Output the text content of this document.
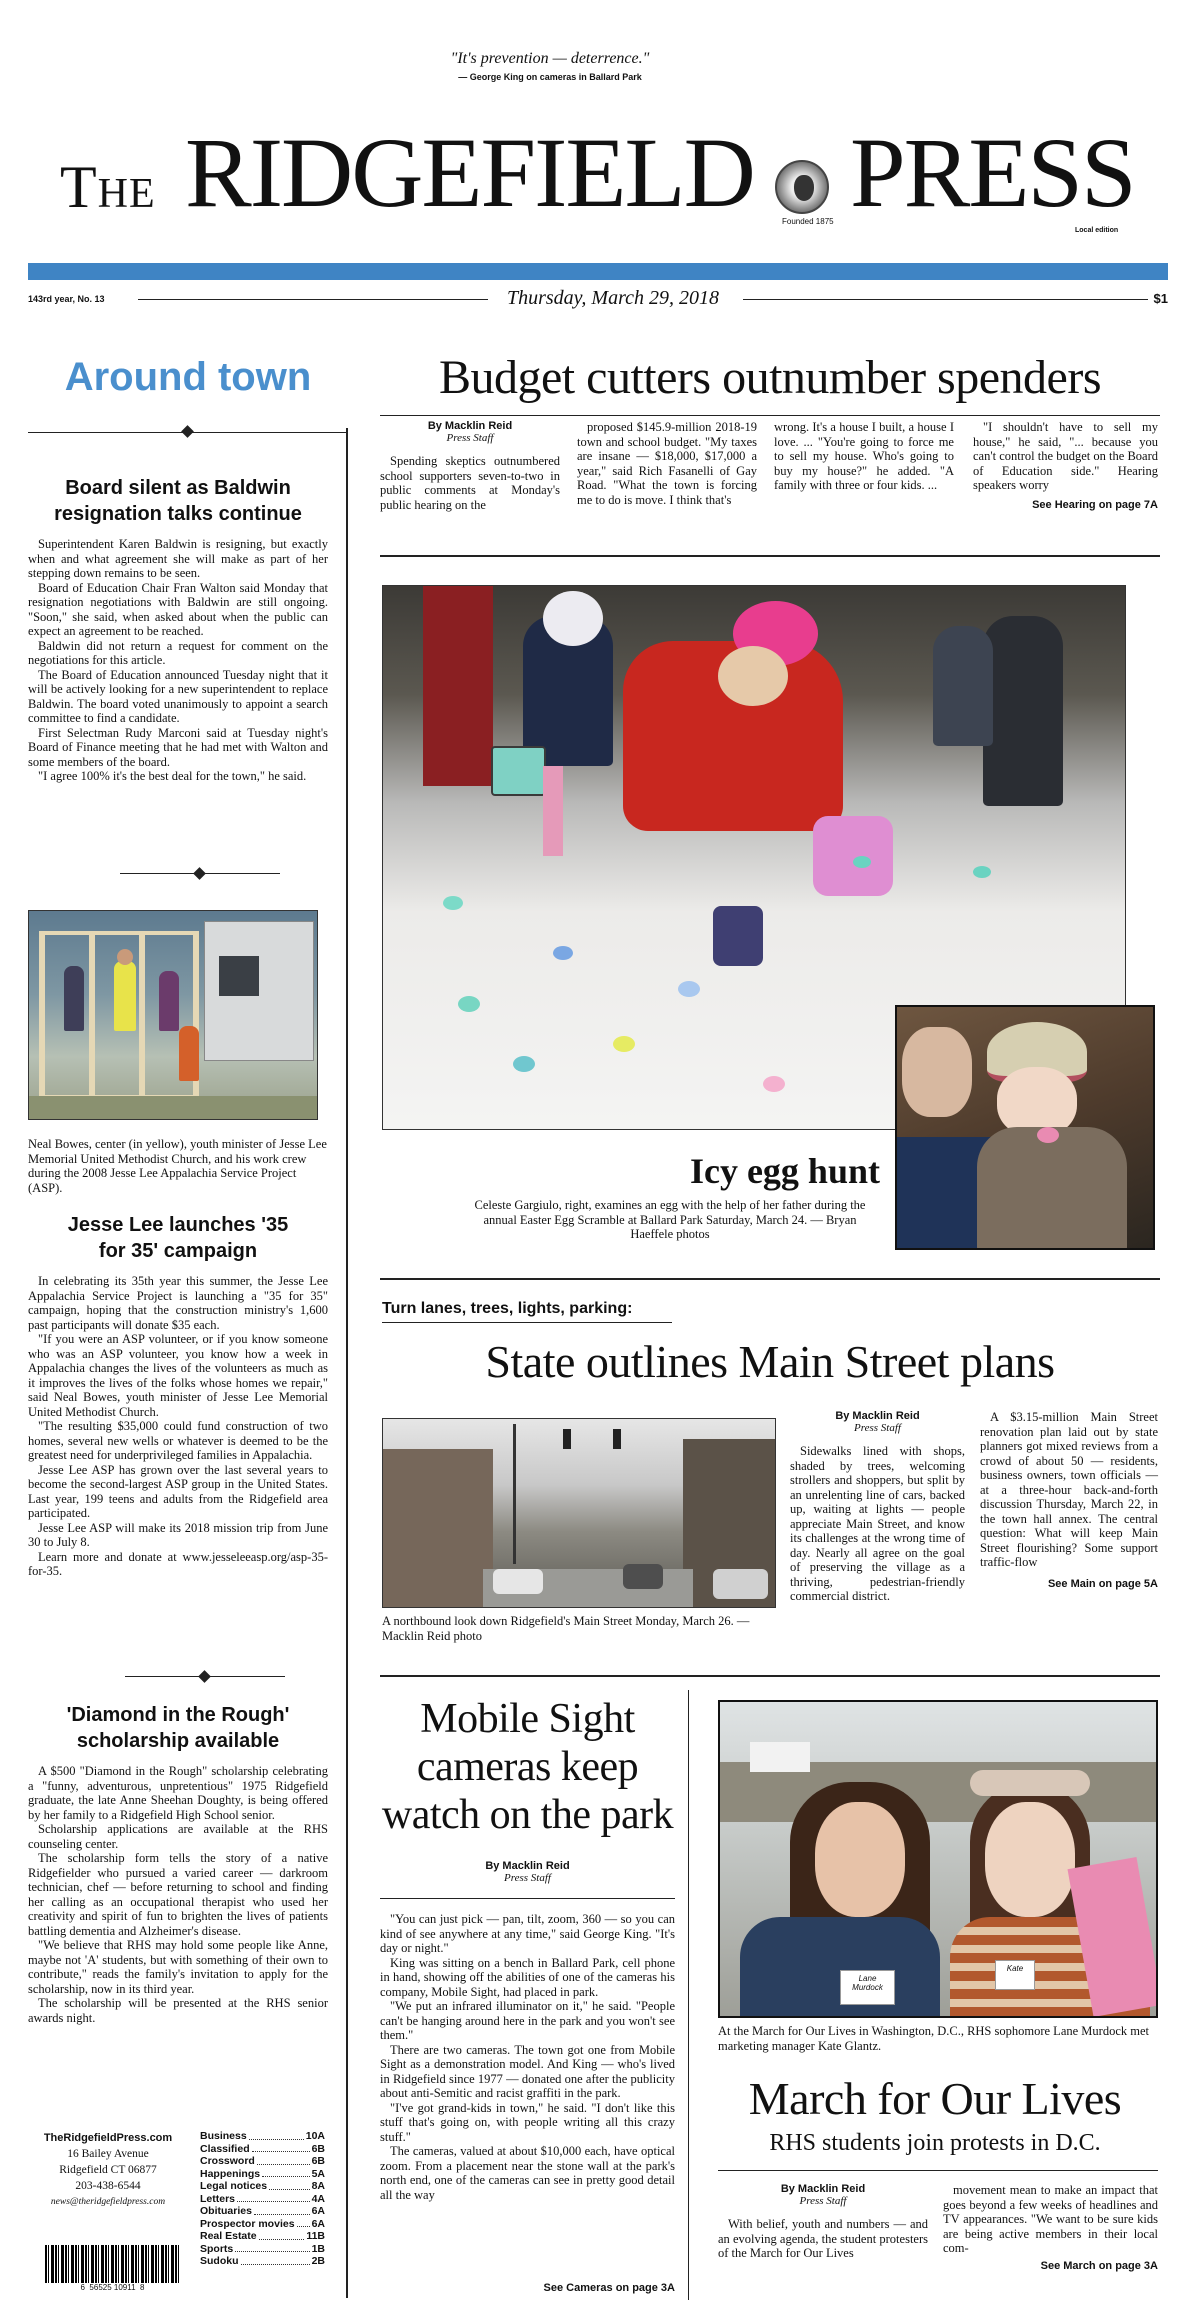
"It's prevention — deterrence."
— George King on cameras in Ballard Park
The RIDGEFIELD	Founded 1875 PRESS
Local edition
143rd year, No. 13	Thursday, March 29, 2018	$1
Around town
Board silent as Baldwin resignation talks continue

Superintendent Karen Baldwin is resigning, but exactly when and what agreement she will make as part of her stepping down remains to be seen.

Board of Education Chair Fran Walton said Monday that resignation negotiations with Baldwin are still ongoing. "Soon," she said, when asked about when the public can expect an agreement to be reached.

Baldwin did not return a request for comment on the negotiations for this article.

The Board of Education announced Tuesday night that it will be actively looking for a new superintendent to replace Baldwin. The board voted unanimously to appoint a search committee to find a candidate.

First Selectman Rudy Marconi said at Tuesday night's Board of Finance meeting that he had met with Walton and some members of the board.

"I agree 100% it's the best deal for the town," he said.

Neal Bowes, center (in yellow), youth minister of Jesse Lee Memorial United Methodist Church, and his work crew during the 2008 Jesse Lee Appalachia Service Project (ASP).
Jesse Lee launches '35 for 35' campaign

In celebrating its 35th year this summer, the Jesse Lee Appalachia Service Project is launching a "35 for 35" campaign, hoping that the construction ministry's 1,600 past participants will donate $35 each.

"If you were an ASP volunteer, or if you know someone who was an ASP volunteer, you know how a week in Appalachia changes the lives of the volunteers as much as it improves the lives of the folks whose homes we repair," said Neal Bowes, youth minister of Jesse Lee Memorial United Methodist Church.

"The resulting $35,000 could fund construction of two homes, several new wells or whatever is deemed to be the greatest need for underprivileged families in Appalachia.

Jesse Lee ASP has grown over the last several years to become the second-largest ASP group in the United States. Last year, 199 teens and adults from the Ridgefield area participated.

Jesse Lee ASP will make its 2018 mission trip from June 30 to July 8.

Learn more and donate at www.jesseleeasp.org/asp-35-for-35.

'Diamond in the Rough' scholarship available

A $500 "Diamond in the Rough" scholarship celebrating a "funny, adventurous, unpretentious" 1975 Ridgefield graduate, the late Anne Sheehan Doughty, is being offered by her family to a Ridgefield High School senior.

Scholarship applications are available at the RHS counseling center.

The scholarship form tells the story of a native Ridgefielder who pursued a varied career — darkroom technician, chef — before returning to school and finding her calling as an occupational therapist who used her creativity and spirit of fun to brighten the lives of patients battling dementia and Alzheimer's disease.

"We believe that RHS may hold some people like Anne, maybe not 'A' students, but with something of their own to contribute," reads the family's invitation to apply for the scholarship, now in its third year.

The scholarship will be presented at the RHS senior awards night.

TheRidgefieldPress.com
16 Bailey Avenue
Ridgefield CT 06877
203-438-6544
news@theridgefieldpress.com
Business	10A
Classified	6B
Crossword	6B
Happenings	5A
Legal notices	8A
Letters	4A
Obituaries	6A
Prospector movies 6A
Real Estate	11B
Sports	1B
Sudoku	2B
6  56525 10911  8
Budget cutters outnumber spenders
By Macklin Reid
Press Staff
Spending skeptics outnumbered school supporters seven-to-two in public comments at Monday's public hearing on the
proposed $145.9-million 2018-19 town and school budget. "My taxes are insane — $18,000, $17,000 a year," said Rich Fasanelli of Gay Road. "What the town is forcing me to do is move. I think that's
wrong. It's a house I built, a house I love. ... "You're going to force me to sell my house. Who's going to buy my house?" he added. "A family with three or four kids. ...
"I shouldn't have to sell my house," he said, "... because you can't control the budget on the Board of Education side." Hearing speakers worry
See Hearing on page 7A
Icy egg hunt
Celeste Gargiulo, right, examines an egg with the help of her father during the annual Easter Egg Scramble at Ballard Park Saturday, March 24. — Bryan Haeffele photos
Turn lanes, trees, lights, parking:
State outlines Main Street plans
A northbound look down Ridgefield's Main Street Monday, March 26. — Macklin Reid photo
By Macklin Reid
Press Staff
Sidewalks lined with shops, shaded by trees, welcoming strollers and shoppers, but split by an unrelenting line of cars, backed up, waiting at lights — people appreciate Main Street, and know its challenges at the wrong time of day. Nearly all agree on the goal of preserving the village as a thriving, pedestrian-friendly commercial district.
A $3.15-million Main Street renovation plan laid out by state planners got mixed reviews from a crowd of about 50 — residents, business owners, town officials — at a three-hour back-and-forth discussion Thursday, March 22, in the town hall annex. The central question: What will keep Main Street flourishing? Some support traffic-flow
See Main on page 5A
Mobile Sight cameras keep watch on the park
By Macklin Reid
Press Staff

"You can just pick — pan, tilt, zoom, 360 — so you can kind of see anywhere at any time," said George King. "It's day or night."

King was sitting on a bench in Ballard Park, cell phone in hand, showing off the abilities of one of the cameras his company, Mobile Sight, had placed in park.

"We put an infrared illuminator on it," he said. "People can't be hanging around here in the park and you won't see them."

There are two cameras. The town got one from Mobile Sight as a demonstration model. And King — who's lived in Ridgefield since 1977 — donated one after the publicity about anti-Semitic and racist graffiti in the park.

"I've got grand-kids in town," he said. "I don't like this stuff that's going on, with people writing all this crazy stuff."

The cameras, valued at about $10,000 each, have optical zoom. From a placement near the stone wall at the park's north end, one of the cameras can see in pretty good detail all the way

See Cameras on page 3A
Lane Murdock
Kate
At the March for Our Lives in Washington, D.C., RHS sophomore Lane Murdock met marketing manager Kate Glantz.
March for Our Lives
RHS students join protests in D.C.
By Macklin Reid
Press Staff
With belief, youth and numbers — and an evolving agenda, the student protesters of the March for Our Lives
movement mean to make an impact that goes beyond a few weeks of headlines and TV appearances. "We want to be sure kids are being active members in their local com-
See March on page 3A
